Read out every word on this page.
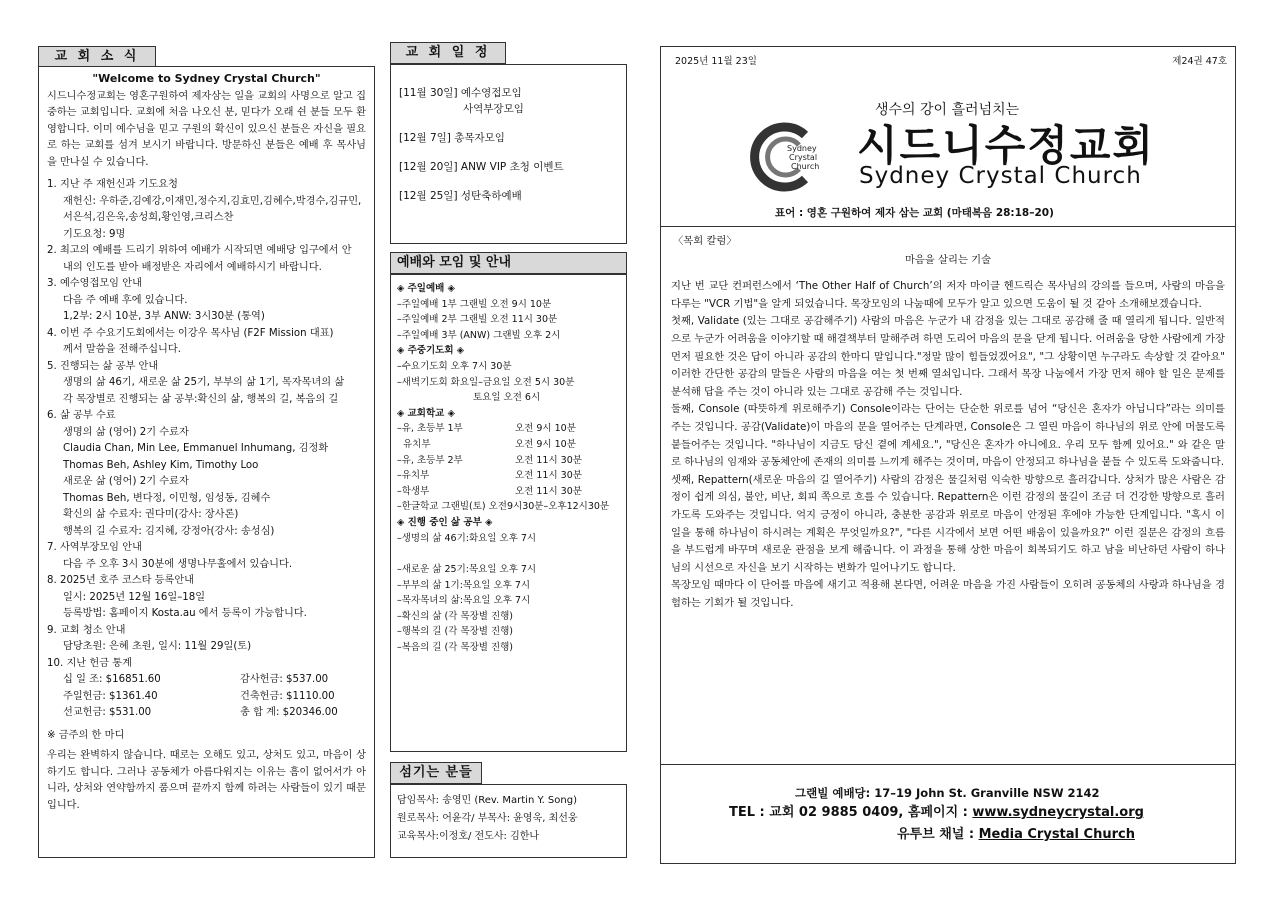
교 회 소 식
"Welcome to Sydney Crystal Church"
시드니수정교회는 영혼구원하여 제자삼는 일을 교회의 사명으로 알고 집중하는 교회입니다. 교회에 처음 나오신 분, 믿다가 오래 쉰 분들 모두 환영합니다. 이미 예수님을 믿고 구원의 확신이 있으신 분들은 자신을 필요로 하는 교회를 섬겨 보시기 바랍니다. 방문하신 분들은 예배 후 목사님을 만나실 수 있습니다.
1. 지난 주 재헌신과 기도요청
재헌신: 우하준,김예강,이재민,정수지,김효민,김혜수,박경수,김규민,
서은석,김은욱,송성희,황인영,크리스찬
기도요청: 9명
2. 최고의 예배를 드리기 위하여 예배가 시작되면 예배당 입구에서 안
내의 인도를 받아 배정받은 자리에서 예배하시기 바랍니다.
3. 예수영접모임 안내
다음 주 예배 후에 있습니다.
1,2부: 2시 10분, 3부 ANW: 3시30분 (통역)
4. 이번 주 수요기도회에서는 이강우 목사님 (F2F Mission 대표)
께서 말씀을 전해주십니다.
5. 진행되는 삶 공부 안내
생명의 삶 46기, 새로운 삶 25기, 부부의 삶 1기, 목자목녀의 삶
각 목장별로 진행되는 삶 공부:확신의 삶, 행복의 길, 복음의 길
6. 삶 공부 수료
생명의 삶 (영어) 2기 수료자
Claudia Chan, Min Lee, Emmanuel Inhumang, 김정화
Thomas Beh, Ashley Kim, Timothy Loo
새로운 삶 (영어) 2기 수료자
Thomas Beh, 변다정, 이민형, 임성동, 김혜수
확신의 삶 수료자: 권다미(강사: 장사론)
행복의 길 수료자: 김지혜, 강정아(강사: 송성심)
7. 사역부장모임 안내
다음 주 오후 3시 30분에 생명나무홀에서 있습니다.
8. 2025년 호주 코스타 등록안내
일시: 2025년 12월 16일–18일
등록방법: 홈페이지 Kosta.au 에서 등록이 가능합니다.
9. 교회 청소 안내
담당초원: 은혜 초원, 일시: 11월 29일(토)
10. 지난 헌금 통계
십 일 조: $16851.60	감사헌금: $537.00
주일헌금: $1361.40	건축헌금: $1110.00
선교헌금: $531.00	총 합 계: $20346.00
※ 금주의 한 마디
우리는 완벽하지 않습니다. 때로는 오해도 있고, 상처도 있고, 마음이 상하기도 합니다. 그러나 공동체가 아름다워지는 이유는 흠이 없어서가 아니라, 상처와 연약함까지 품으며 끝까지 함께 하려는 사람들이 있기 때문입니다.
교 회 일 정
[11월 30일] 예수영접모임
사역부장모임
[12월 7일] 총목자모임
[12월 20일] ANW VIP 초청 이벤트
[12월 25일] 성탄축하예배
예배와 모임 및 안내
◈ 주일예배 ◈
–주일예배 1부 그랜빌 오전 9시 10분
–주일예배 2부 그랜빌 오전 11시 30분
–주일예배 3부 (ANW) 그랜빌 오후 2시
◈ 주중기도회 ◈
–수요기도회 오후 7시 30분
–새벽기도회 화요일–금요일 오전 5시 30분
토요일 오전 6시
◈ 교회학교 ◈
–유, 초등부 1부	오전 9시 10분
유치부	오전 9시 10분
–유, 초등부 2부	오전 11시 30분
–유치부	오전 11시 30분
–학생부	오전 11시 30분
–한글학교 그랜빌(토) 오전9시30분–오후12시30분
◈ 진행 중인 삶 공부 ◈
–생명의 삶 46기:화요일 오후 7시
–새로운 삶 25기:목요일 오후 7시
–부부의 삶 1기:목요일 오후 7시
–목자목녀의 삶:목요일 오후 7시
–확신의 삶 (각 목장별 진행)
–행복의 길 (각 목장별 진행)
–복음의 길 (각 목장별 진행)
섬기는 분들
담임목사: 송영민 (Rev. Martin Y. Song)
원로목사: 어윤각/ 부목사: 윤영욱, 최선웅
교육목사:이정호/ 전도사: 김한나
2025년 11월 23일	제24권 47호
생수의 강이 흘러넘치는
Sydney
Crystal
Church 시드니수정교회
Sydney Crystal Church
표어 : 영혼 구원하여 제자 삼는 교회 (마태복음 28:18–20)
〈목회 칼럼〉
마음을 살리는 기술

지난 번 교단 컨퍼런스에서 ‘The Other Half of Church’의 저자 마이클 헨드릭슨 목사님의 강의를 들으며, 사람의 마음을 다루는 "VCR 기법"을 알게 되었습니다. 목장모임의 나눔때에 모두가 알고 있으면 도움이 될 것 같아 소개해보겠습니다.

첫째, Validate (있는 그대로 공감해주기) 사람의 마음은 누군가 내 감정을 있는 그대로 공감해 줄 때 열리게 됩니다. 일반적으로 누군가 어려움을 이야기할 때 해결책부터 말해주려 하면 도리어 마음의 문을 닫게 됩니다. 어려움을 당한 사람에게 가장 먼저 필요한 것은 답이 아니라 공감의 한마디 말입니다."정말 많이 힘들었겠어요", "그 상황이면 누구라도 속상할 것 같아요" 이러한 간단한 공감의 말들은 사람의 마음을 여는 첫 번째 열쇠입니다. 그래서 목장 나눔에서 가장 먼저 해야 할 일은 문제를 분석해 답을 주는 것이 아니라 있는 그대로 공감해 주는 것입니다.

둘째, Console (따뜻하게 위로해주기) Console이라는 단어는 단순한 위로를 넘어 “당신은 혼자가 아닙니다”라는 의미를 주는 것입니다. 공감(Validate)이 마음의 문을 열어주는 단계라면, Console은 그 열린 마음이 하나님의 위로 안에 머물도록 붙들어주는 것입니다. "하나님이 지금도 당신 곁에 계세요.", "당신은 혼자가 아니에요. 우리 모두 함께 있어요." 와 같은 말로 하나님의 임재와 공동체안에 존재의 의미를 느끼게 해주는 것이며, 마음이 안정되고 하나님을 붙들 수 있도록 도와줍니다.

셋째, Repattern(새로운 마음의 길 열어주기) 사람의 감정은 물길처럼 익숙한 방향으로 흘러갑니다. 상처가 많은 사람은 감정이 쉽게 의심, 불안, 비난, 회피 쪽으로 흐를 수 있습니다. Repattern은 이런 감정의 물길이 조금 더 건강한 방향으로 흘러가도록 도와주는 것입니다. 억지 긍정이 아니라, 충분한 공감과 위로로 마음이 안정된 후에야 가능한 단계입니다. "혹시 이 일을 통해 하나님이 하시려는 계획은 무엇일까요?", "다른 시각에서 보면 어떤 배움이 있을까요?" 이런 질문은 감정의 흐름을 부드럽게 바꾸며 새로운 관점을 보게 해줍니다. 이 과정을 통해 상한 마음이 회복되기도 하고 남을 비난하던 사람이 하나님의 시선으로 자신을 보기 시작하는 변화가 일어나기도 합니다.

목장모임 때마다 이 단어를 마음에 새기고 적용해 본다면, 어려운 마음을 가진 사람들이 오히려 공동체의 사랑과 하나님을 경험하는 기회가 될 것입니다.

그랜빌 예배당: 17–19 John St. Granville NSW 2142
TEL : 교회 02 9885 0409, 홈페이지 : www.sydneycrystal.org
유투브 채널 : Media Crystal Church
